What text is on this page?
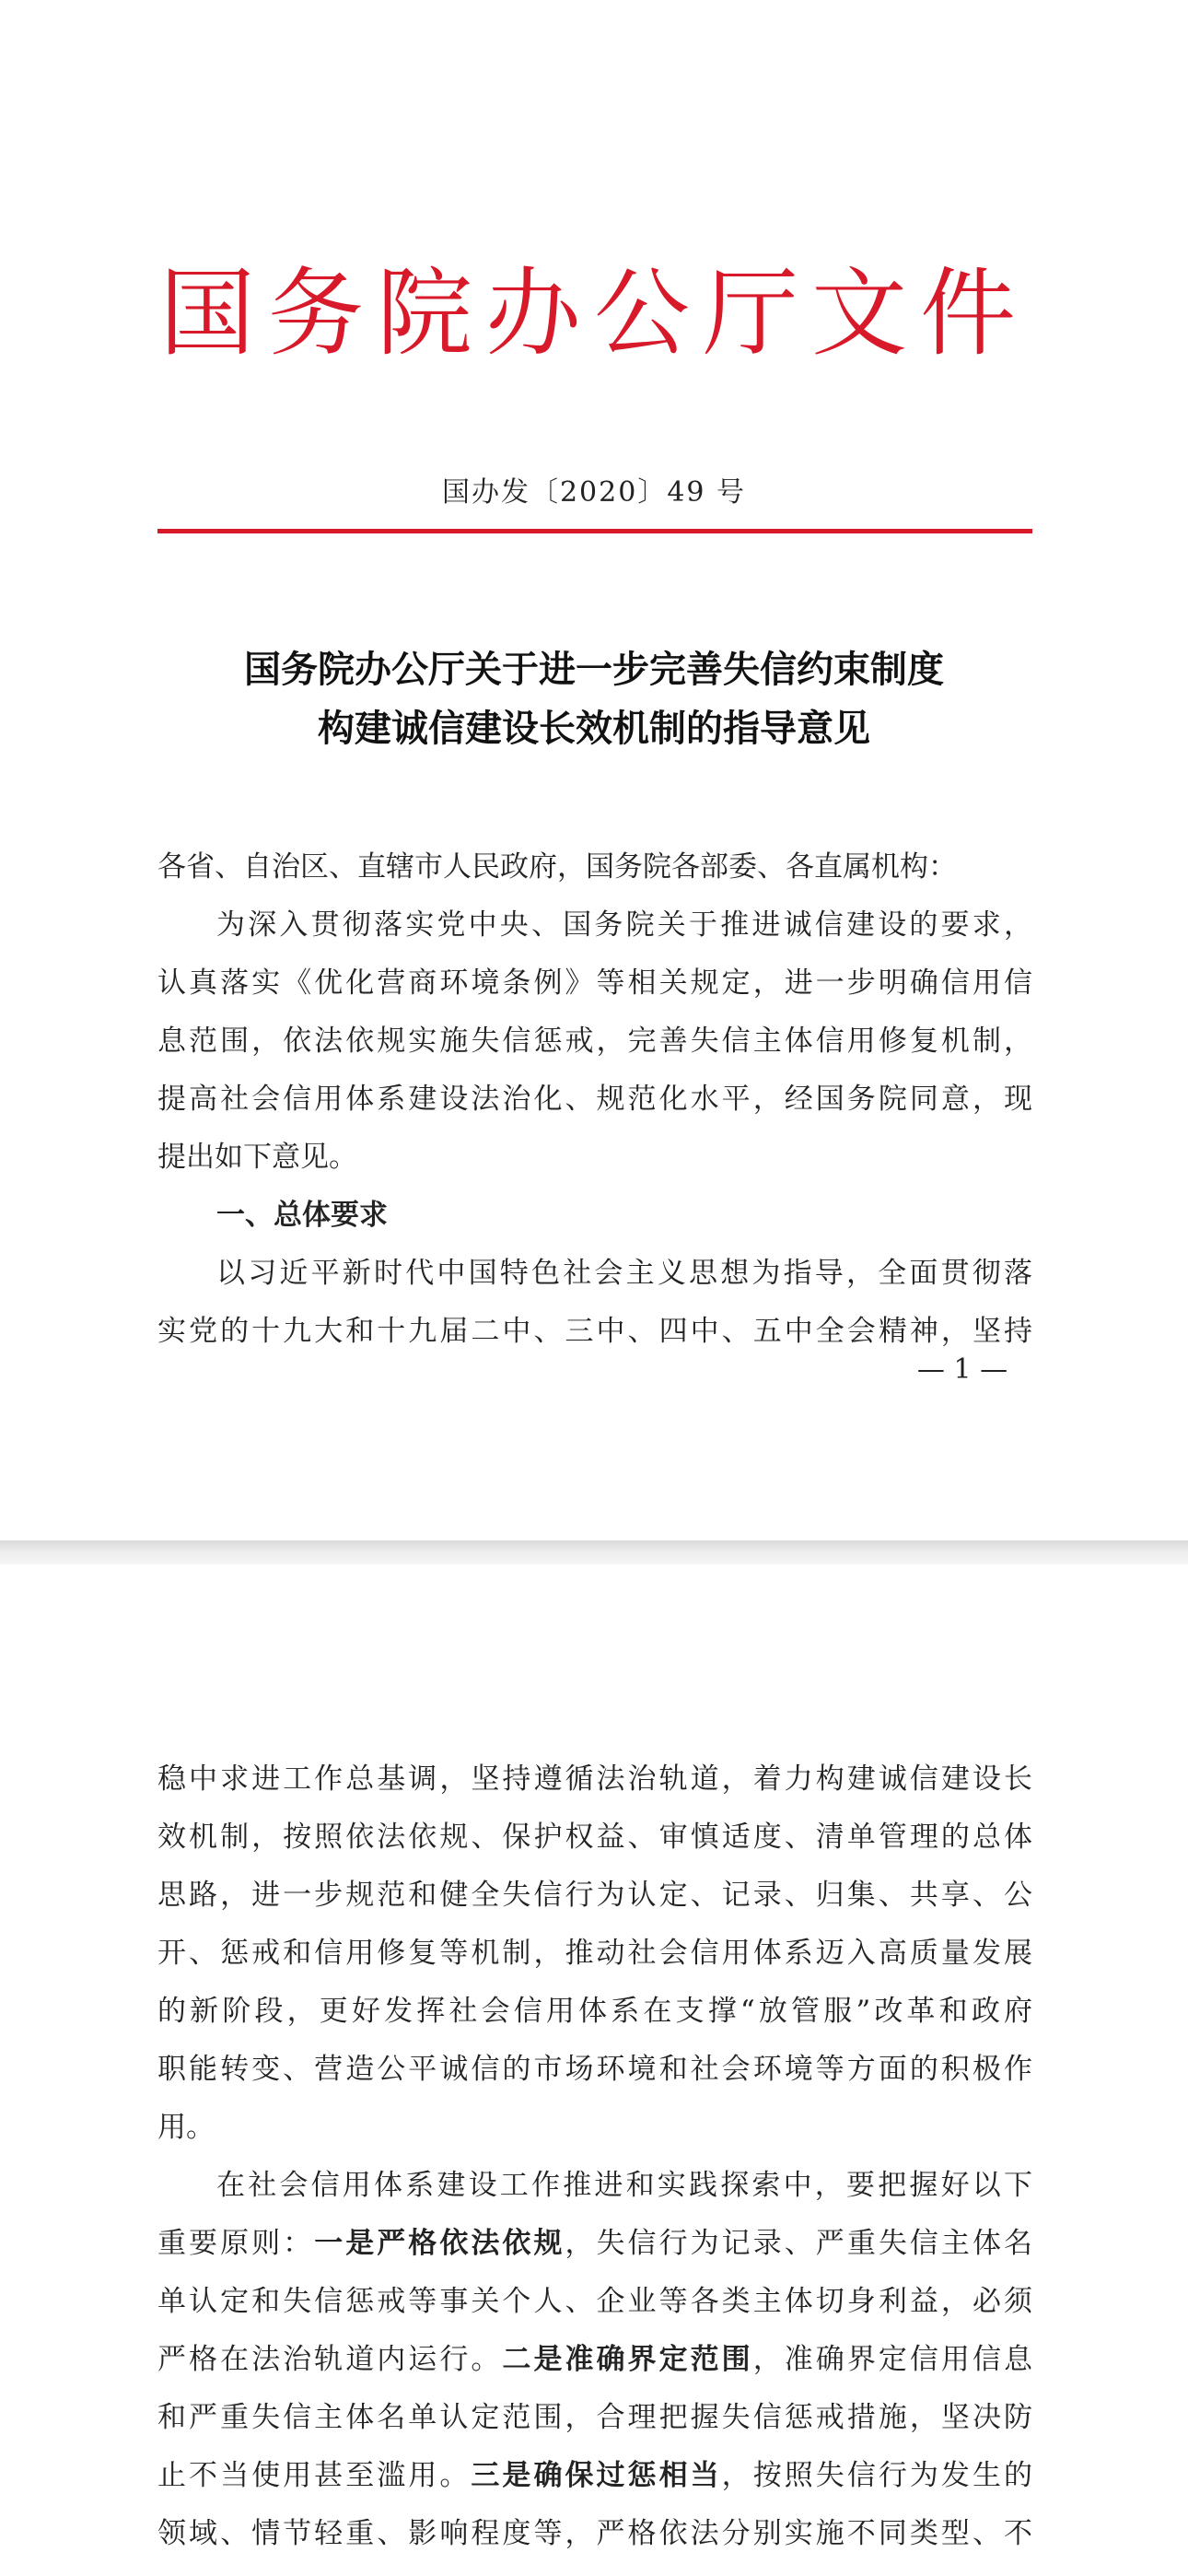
国务院办公厅文件
国办发〔2020〕49 号
国务院办公厅关于进一步完善失信约束制度
构建诚信建设长效机制的指导意见
各省、自治区、直辖市人民政府，国务院各部委、各直属机构：
为深入贯彻落实党中央、国务院关于推进诚信建设的要求，
认真落实《优化营商环境条例》等相关规定，进一步明确信用信
息范围，依法依规实施失信惩戒，完善失信主体信用修复机制，
提高社会信用体系建设法治化、规范化水平，经国务院同意，现
提出如下意见。
一、总体要求
以习近平新时代中国特色社会主义思想为指导，全面贯彻落
实党的十九大和十九届二中、三中、四中、五中全会精神，坚持
— 1 —
稳中求进工作总基调，坚持遵循法治轨道，着力构建诚信建设长
效机制，按照依法依规、保护权益、审慎适度、清单管理的总体
思路，进一步规范和健全失信行为认定、记录、归集、共享、公
开、惩戒和信用修复等机制，推动社会信用体系迈入高质量发展
的新阶段，更好发挥社会信用体系在支撑“放管服”改革和政府
职能转变、营造公平诚信的市场环境和社会环境等方面的积极作
用。
在社会信用体系建设工作推进和实践探索中，要把握好以下
重要原则：一是严格依法依规，失信行为记录、严重失信主体名
单认定和失信惩戒等事关个人、企业等各类主体切身利益，必须
严格在法治轨道内运行。二是准确界定范围，准确界定信用信息
和严重失信主体名单认定范围，合理把握失信惩戒措施，坚决防
止不当使用甚至滥用。三是确保过惩相当，按照失信行为发生的
领域、情节轻重、影响程度等，严格依法分别实施不同类型、不
